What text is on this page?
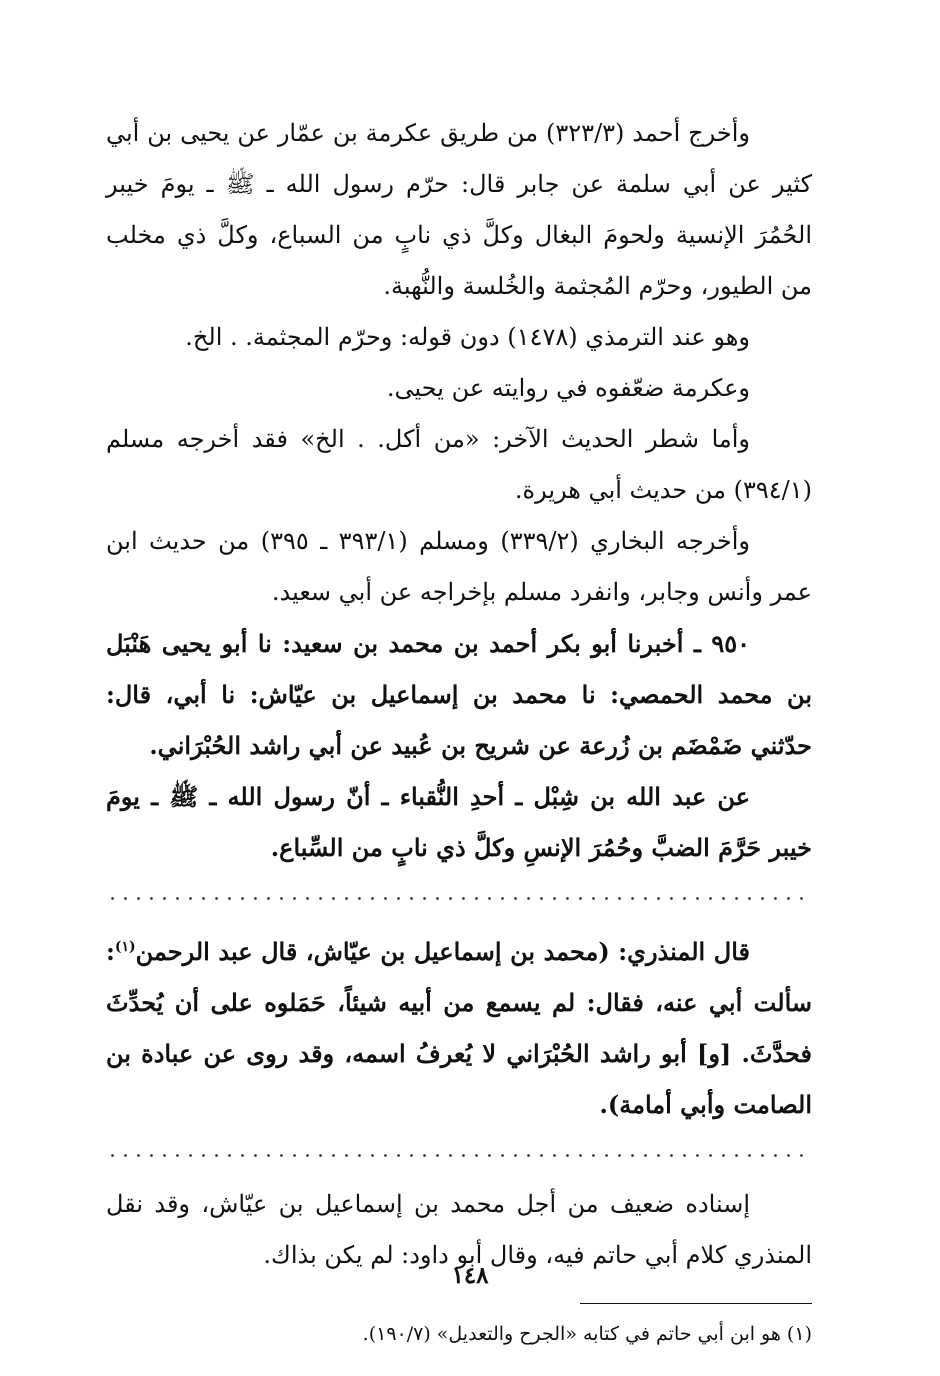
وأخرج أحمد (٣٢٣/٣) من طريق عكرمة بن عمّار عن يحيى بن أبي كثير عن أبي سلمة عن جابر قال: حرّم رسول الله ـ ﷺ ـ يومَ خيبر الحُمُرَ الإنسية ولحومَ البغال وكلَّ ذي نابٍ من السباع، وكلَّ ذي مخلب من الطيور، وحرّم المُجثمة والخُلسة والنُّهبة.

وهو عند الترمذي (١٤٧٨) دون قوله: وحرّم المجثمة. . الخ.

وعكرمة ضعّفوه في روايته عن يحيى.

وأما شطر الحديث الآخر: «من أكل. . الخ» فقد أخرجه مسلم (٣٩٤/١) من حديث أبي هريرة.

وأخرجه البخاري (٣٣٩/٢) ومسلم (٣٩٣/١ ـ ٣٩٥) من حديث ابن عمر وأنس وجابر، وانفرد مسلم بإخراجه عن أبي سعيد.

٩٥٠ ـ أخبرنا أبو بكر أحمد بن محمد بن سعيد: نا أبو يحيى هَنْبَل بن محمد الحمصي: نا محمد بن إسماعيل بن عيّاش: نا أبي، قال: حدّثني ضَمْضَم بن زُرعة عن شريح بن عُبيد عن أبي راشد الحُبْرَاني.

عن عبد الله بن شِبْل ـ أحدِ النُّقباء ـ أنّ رسول الله ـ ﷺ ـ يومَ خيبر حَرَّمَ الضبَّ وحُمُرَ الإنسِ وكلَّ ذي نابٍ من السِّباع.

قال المنذري: (محمد بن إسماعيل بن عيّاش، قال عبد الرحمن$^{(١)}$: سألت أبي عنه، فقال: لم يسمع من أبيه شيئاً، حَمَلوه على أن يُحدِّثَ فحدَّثَ. [و] أبو راشد الحُبْرَاني لا يُعرفُ اسمه، وقد روى عن عبادة بن الصامت وأبي أمامة).

إسناده ضعيف من أجل محمد بن إسماعيل بن عيّاش، وقد نقل المنذري كلام أبي حاتم فيه، وقال أبو داود: لم يكن بذاك.

(١) هو ابن أبي حاتم في كتابه «الجرح والتعديل» (١٩٠/٧).

١٤٨
